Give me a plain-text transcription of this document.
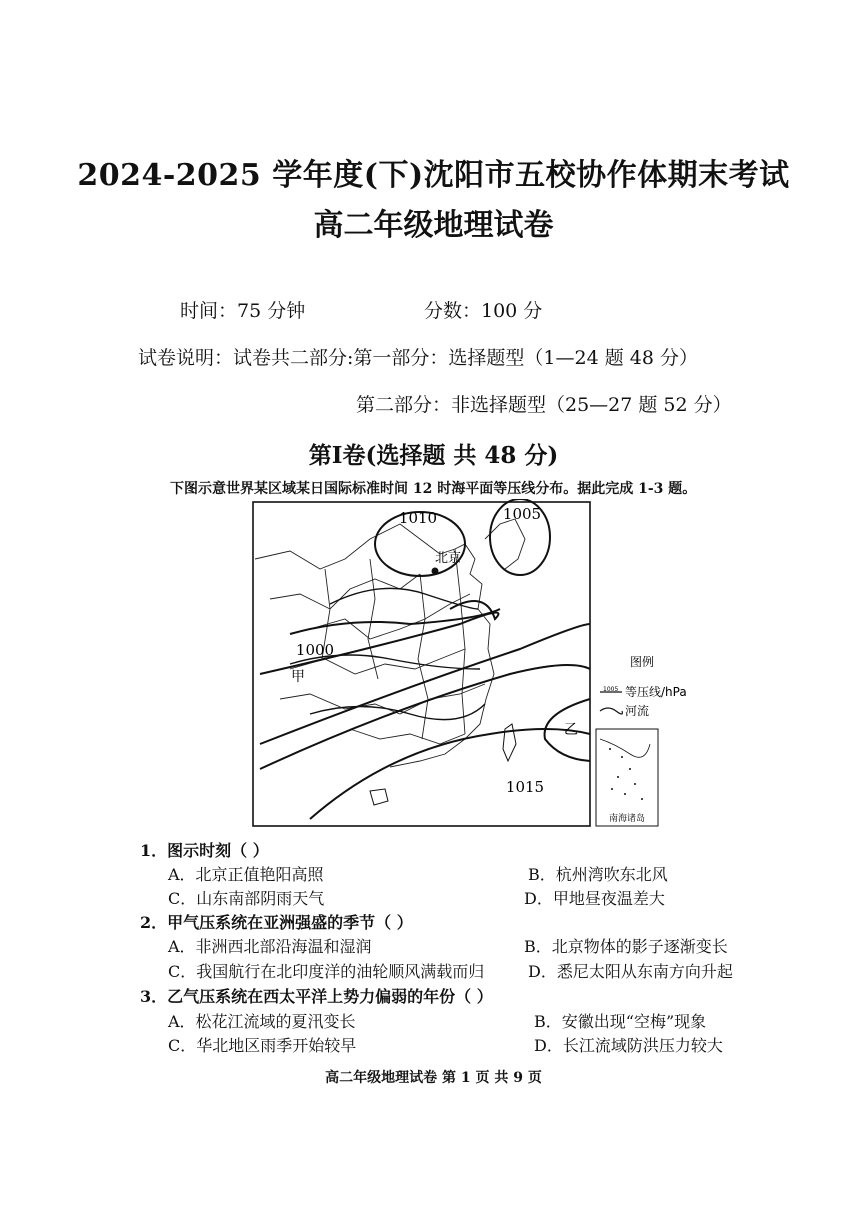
2024-2025 学年度(下)沈阳市五校协作体期末考试
高二年级地理试卷
时间：75 分钟	分数：100 分
试卷说明：试卷共二部分:第一部分：选择题型（1—24 题 48 分）
第二部分：非选择题型（25—27 题 52 分）
第Ⅰ卷(选择题 共 48 分)
下图示意世界某区域某日国际标准时间 12 时海平面等压线分布。据此完成 1-3 题。
1010	1005
1000
1015
北京
甲
乙
图例
1005 等压线/hPa
河流
南海诸岛
1．图示时刻（ ）
A．北京正值艳阳高照	B．杭州湾吹东北风
C．山东南部阴雨天气	D．甲地昼夜温差大
2．甲气压系统在亚洲强盛的季节（ ）
A．非洲西北部沿海温和湿润	B．北京物体的影子逐渐变长
C．我国航行在北印度洋的油轮顺风满载而归	D．悉尼太阳从东南方向升起
3．乙气压系统在西太平洋上势力偏弱的年份（ ）
A．松花江流域的夏汛变长	B．安徽出现“空梅”现象
C．华北地区雨季开始较早	D．长江流域防洪压力较大
高二年级地理试卷 第 1 页 共 9 页
